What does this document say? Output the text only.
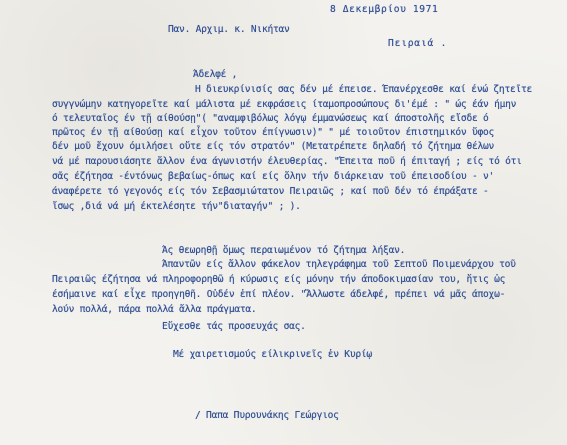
8 Δεκεμβρίου 1971
Παν. Αρχιμ. κ. Νικήταν
Πειραιά .
Άδελφέ ,
Η διευκρίνισίς σας δέν μέ έπεισε. Έπανέρχεσθε καί ένώ ζητεῖτε
συγγνώμην κατηγορεῖτε καί μάλιστα μέ εκφράσεις ίταμοπροσώπους δι'έμέ : " ώς έάν ήμην
ό τελευταῖος έν τῇ αίθούσῃ"( "αναμφιβόλως λόγῳ έμμανώσεως καί άποστολῆς εἴσδε ό
πρῶτος έν τῇ αίθούσῃ καί εἶχον τοῦτον έπίγνωσιν)" " μέ τοιοῦτον έπιστημικόν ὕφος
δέν μοῦ ἔχουν όμιλήσει οὔτε είς τόν στρατόν" (Μετατρέπετε δηλαδή τό ζήτημα θέλων
νά μέ παρουσιάσητε ἄλλον ένα άγωνιστήν έλευθερίας. "Έπειτα ποῦ ή έπιταγή ; είς τό ότι
σᾶς έζήτησα -έντόνως βεβαίως-όπως καί είς ὅλην τήν διάρκειαν τοῦ έπεισοδίου - ν'
άναφέρετε τό γεγονός είς τόν Σεβασμιώτατον Πειραιῶς ; καί ποῦ δέν τό έπράξατε -
ἴσως ,διά νά μή έκτελέσητε τήν"διαταγήν" ; ).
Άς θεωρηθῇ ὅμως περαιωμένον τό ζήτημα λήξαν.
Άπαντῶν είς ἄλλον φάκελον τηλεγράφημα τοῦ Σεπτοῦ Ποιμενάρχου τοῦ
Πειραιῶς έζήτησα νά πληροφορηθῶ ή κύρωσις είς μόνην τήν άποδοκιμασίαν του, ἥτις ὡς
έσήμαινε καί εἶχε προηγηθῆ. Οὐδέν ἐπί πλέον. "Ἄλλωστε άδελφέ, πρέπει νά μᾶς άποχω-
λούν πολλά, πάρα πολλά ἄλλα πράγματα.
Εὔχεσθε τάς προσευχάς σας.
Μέ χαιρετισμούς είλικρινεῖς ἐν Κυρίῳ
/ Παπα Πυρουνάκης Γεώργιος
